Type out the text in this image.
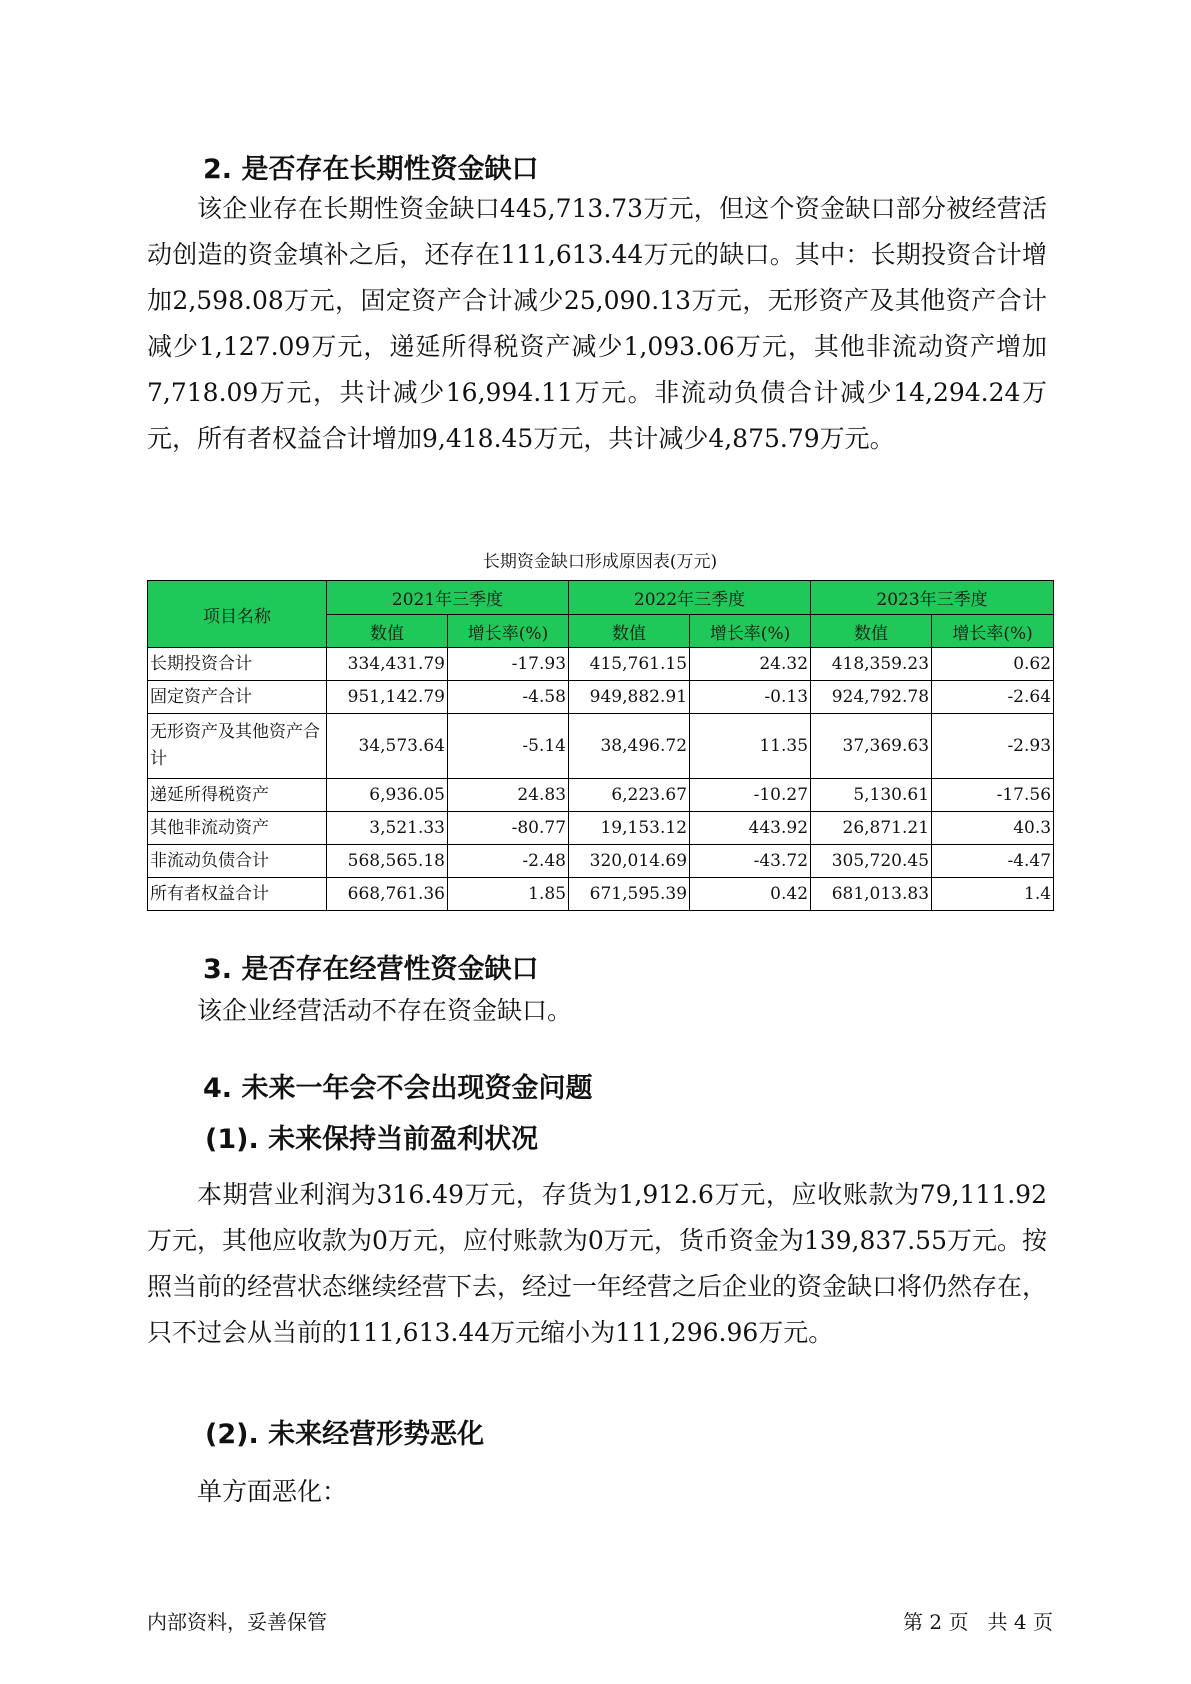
2. 是否存在长期性资金缺口

该企业存在长期性资金缺口445,713.73万元，但这个资金缺口部分被经营活动创造的资金填补之后，还存在111,613.44万元的缺口。其中：长期投资合计增加2,598.08万元，固定资产合计减少25,090.13万元，无形资产及其他资产合计减少1,127.09万元，递延所得税资产减少1,093.06万元，其他非流动资产增加7,718.09万元，共计减少16,994.11万元。非流动负债合计减少14,294.24万元，所有者权益合计增加9,418.45万元，共计减少4,875.79万元。

长期资金缺口形成原因表(万元)
项目名称	2021年三季度		2022年三季度		2023年三季度	
	数值	增长率(%)	数值	增长率(%)	数值	增长率(%)
长期投资合计	334,431.79	-17.93	415,761.15	24.32	418,359.23	0.62
固定资产合计	951,142.79	-4.58	949,882.91	-0.13	924,792.78	-2.64
无形资产及其他资产合计	34,573.64	-5.14	38,496.72	11.35	37,369.63	-2.93
递延所得税资产	6,936.05	24.83	6,223.67	-10.27	5,130.61	-17.56
其他非流动资产	3,521.33	-80.77	19,153.12	443.92	26,871.21	40.3
非流动负债合计	568,565.18	-2.48	320,014.69	-43.72	305,720.45	-4.47
所有者权益合计	668,761.36	1.85	671,595.39	0.42	681,013.83	1.4
3. 是否存在经营性资金缺口

该企业经营活动不存在资金缺口。

4. 未来一年会不会出现资金问题
(1). 未来保持当前盈利状况

本期营业利润为316.49万元，存货为1,912.6万元，应收账款为79,111.92万元，其他应收款为0万元，应付账款为0万元，货币资金为139,837.55万元。按照当前的经营状态继续经营下去，经过一年经营之后企业的资金缺口将仍然存在，只不过会从当前的111,613.44万元缩小为111,296.96万元。

(2). 未来经营形势恶化

单方面恶化：

内部资料，妥善保管	第 2 页   共 4 页
